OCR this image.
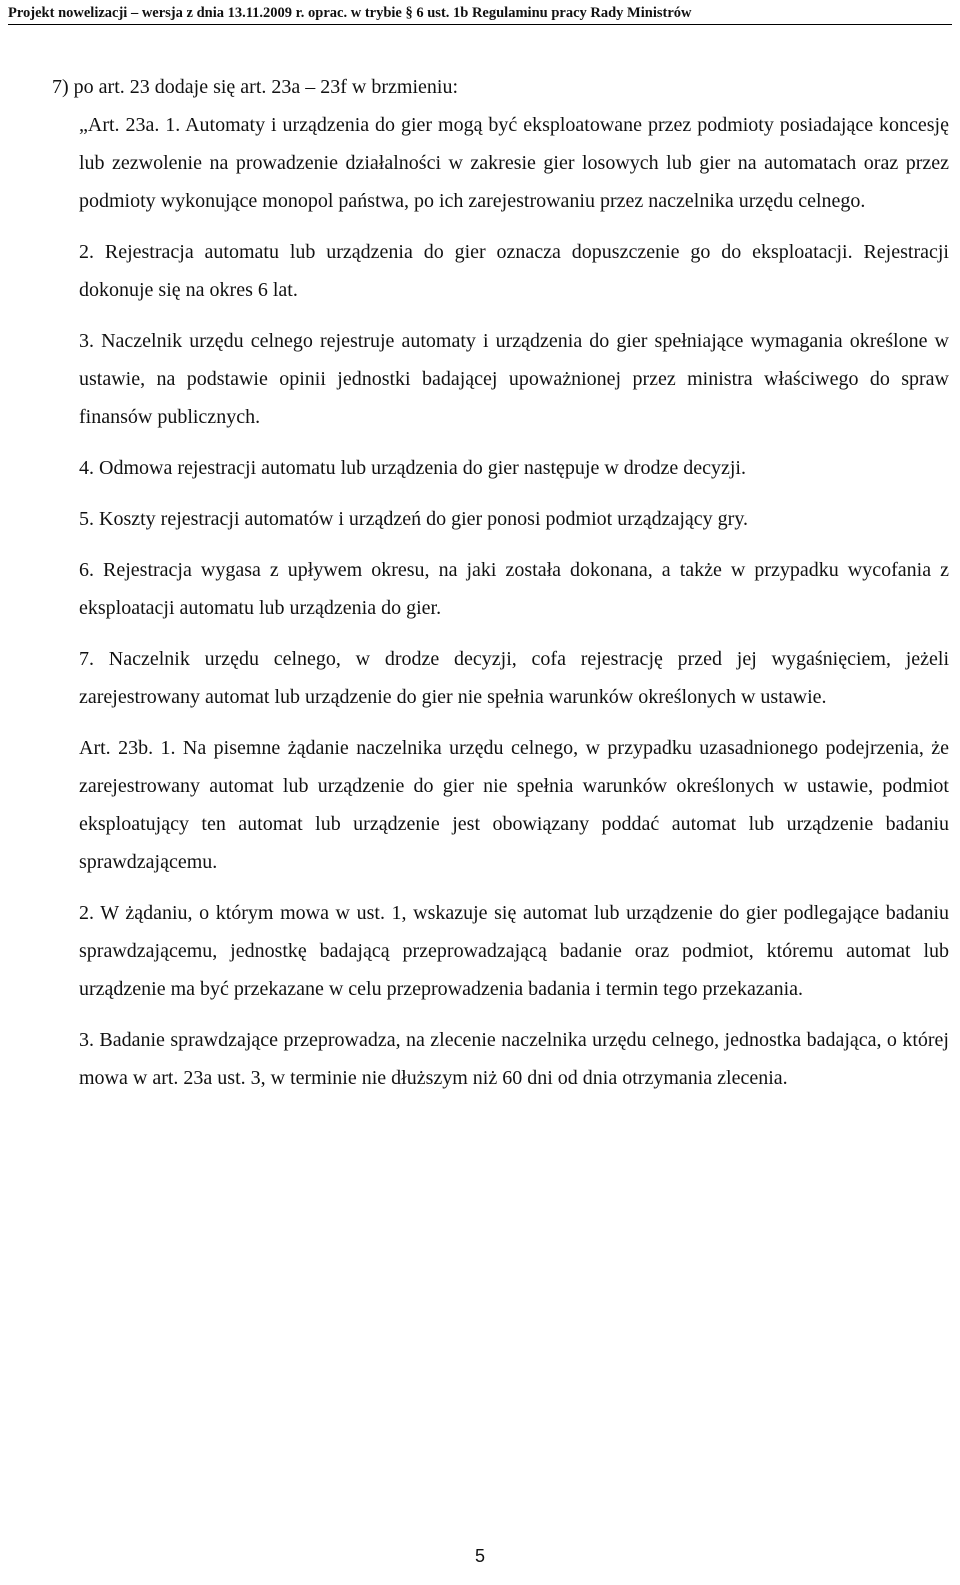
Projekt nowelizacji – wersja z dnia 13.11.2009 r. oprac. w trybie § 6 ust. 1b Regulaminu pracy Rady Ministrów

7) po art. 23 dodaje się art. 23a – 23f w brzmieniu:

„Art. 23a. 1. Automaty i urządzenia do gier mogą być eksploatowane przez podmioty posiadające koncesję lub zezwolenie na prowadzenie działalności w zakresie gier losowych lub gier na automatach oraz przez podmioty wykonujące monopol państwa, po ich zarejestrowaniu przez naczelnika urzędu celnego.

2. Rejestracja automatu lub urządzenia do gier oznacza dopuszczenie go do eksploatacji. Rejestracji dokonuje się na okres 6 lat.

3. Naczelnik urzędu celnego rejestruje automaty i urządzenia do gier spełniające wymagania określone w ustawie, na podstawie opinii jednostki badającej upoważnionej przez ministra właściwego do spraw finansów publicznych.

4. Odmowa rejestracji automatu lub urządzenia do gier następuje w drodze decyzji.

5. Koszty rejestracji automatów i urządzeń do gier ponosi podmiot urządzający gry.

6. Rejestracja wygasa z upływem okresu, na jaki została dokonana, a także w przypadku wycofania z eksploatacji automatu lub urządzenia do gier.

7. Naczelnik urzędu celnego, w drodze decyzji, cofa rejestrację przed jej wygaśnięciem, jeżeli zarejestrowany automat lub urządzenie do gier nie spełnia warunków określonych w ustawie.

Art. 23b. 1. Na pisemne żądanie naczelnika urzędu celnego, w przypadku uzasadnionego podejrzenia, że zarejestrowany automat lub urządzenie do gier nie spełnia warunków określonych w ustawie, podmiot eksploatujący ten automat lub urządzenie jest obowiązany poddać automat lub urządzenie badaniu sprawdzającemu.

2. W żądaniu, o którym mowa w ust. 1, wskazuje się automat lub urządzenie do gier podlegające badaniu sprawdzającemu, jednostkę badającą przeprowadzającą badanie oraz podmiot, któremu automat lub urządzenie ma być przekazane w celu przeprowadzenia badania i termin tego przekazania.

3. Badanie sprawdzające przeprowadza, na zlecenie naczelnika urzędu celnego, jednostka badająca, o której mowa w art. 23a ust. 3, w terminie nie dłuższym niż 60 dni od dnia otrzymania zlecenia.

5
